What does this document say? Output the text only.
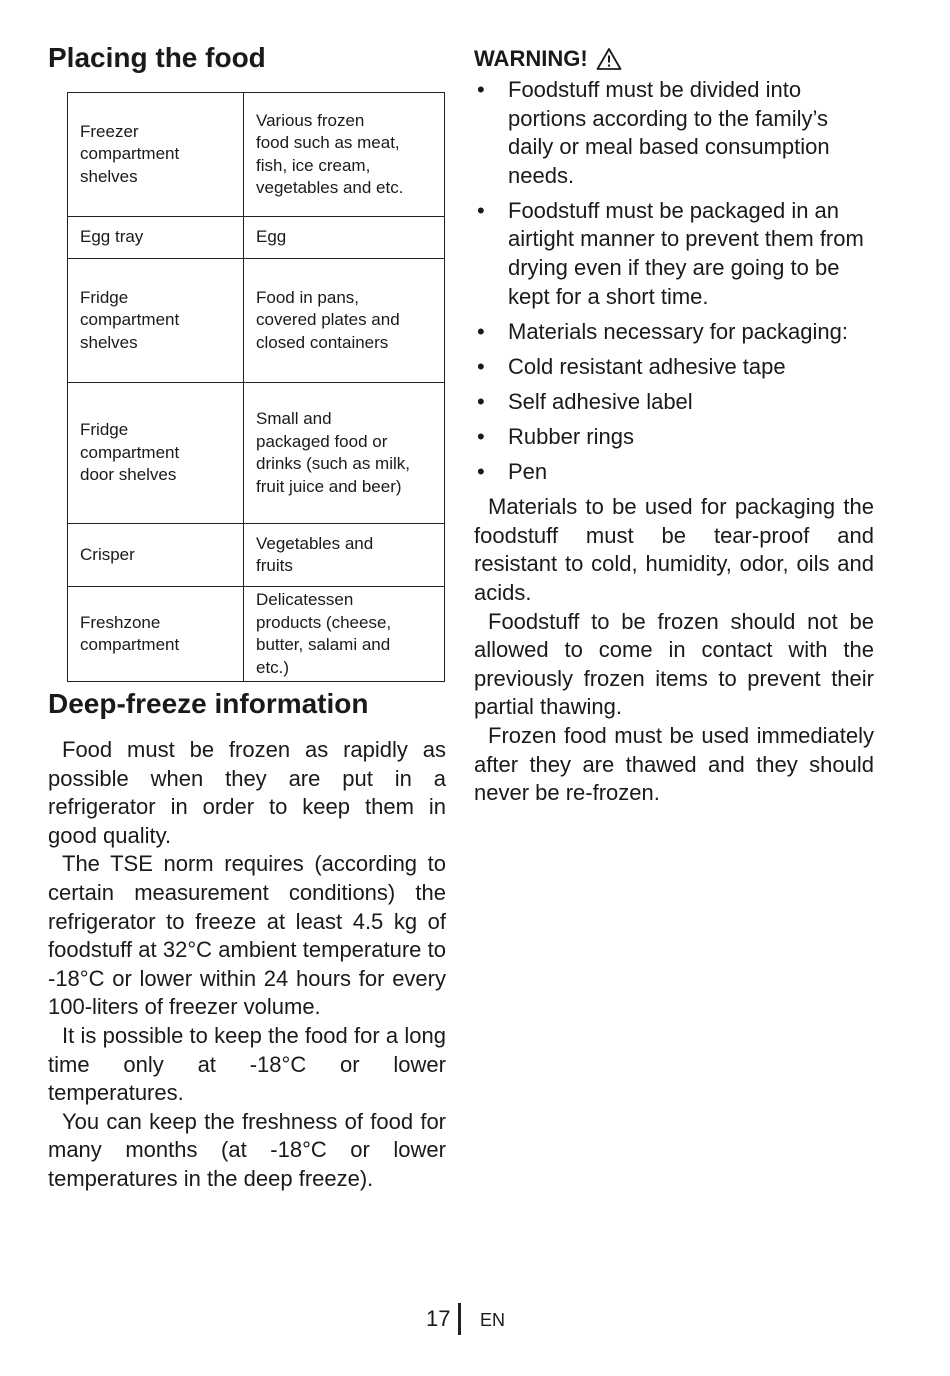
Placing the food
Freezer
compartment
shelves	Various frozen
food such as meat,
fish, ice cream,
vegetables and etc.

Egg tray	Egg

Fridge
compartment
shelves	Food in pans,
covered plates and
closed containers

Fridge
compartment
door shelves	Small and
packaged food or
drinks (such as milk,
fruit juice and beer)

Crisper	Vegetables and
fruits

Freshzone
compartment	Delicatessen
products (cheese,
butter, salami and
etc.)
Deep-freeze information

Food must be frozen as rapidly as possible when they are put in a refrigerator in order to keep them in good quality.

The TSE norm requires (according to certain measurement conditions) the refrigerator to freeze at least 4.5 kg of foodstuff at 32°C ambient temperature to -18°C or lower within 24 hours for every 100-liters of freezer volume.

It is possible to keep the food for a long time only at -18°C or lower temperatures.

You can keep the freshness of food for many months (at -18°C or lower temperatures in the deep freeze).

WARNING!
• Foodstuff must be divided into portions according to the family’s daily or meal based consumption needs.
• Foodstuff must be packaged in an airtight manner to prevent them from drying even if they are going to be kept for a short time.
• Materials necessary for packaging:
• Cold resistant adhesive tape
• Self adhesive label
• Rubber rings
• Pen

Materials to be used for packaging the foodstuff must be tear-proof and resistant to cold, humidity, odor, oils and acids.

Foodstuff to be frozen should not be allowed to come in contact with the previously frozen items to prevent their partial thawing.

Frozen food must be used immediately after they are thawed and they should never be re-frozen.

17 EN
